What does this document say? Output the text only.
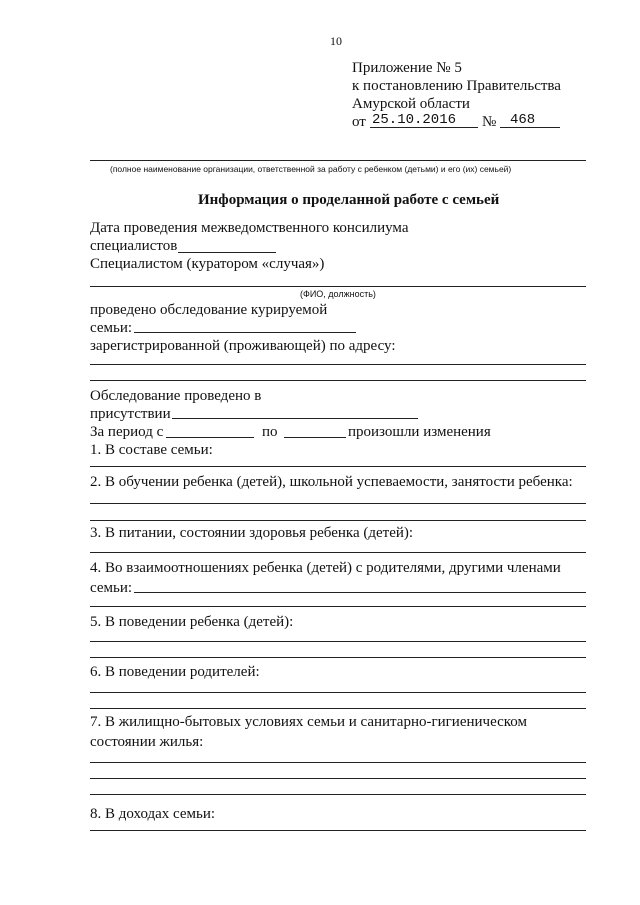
10
Приложение № 5
к постановлению Правительства
Амурской области
от 25.10.2016 № 468
(полное наименование организации, ответственной за работу с ребенком (детьми) и его (их) семьей)
Информация о проделанной работе с семьей
Дата проведения межведомственного консилиума
специалистов
Специалистом (куратором «случая»)
(ФИО, должность)
проведено обследование курируемой
семьи:
зарегистрированной (проживающей) по адресу:
Обследование проведено в
присутствии
За период с	по	произошли изменения
1. В составе семьи:
2. В обучении ребенка (детей), школьной успеваемости, занятости ребенка:
3. В питании, состоянии здоровья ребенка (детей):
4. Во взаимоотношениях ребенка (детей) с родителями, другими членами
семьи:
5. В поведении ребенка (детей):
6. В поведении родителей:
7. В жилищно-бытовых условиях семьи и санитарно-гигиеническом
состоянии жилья:
8. В доходах семьи:
